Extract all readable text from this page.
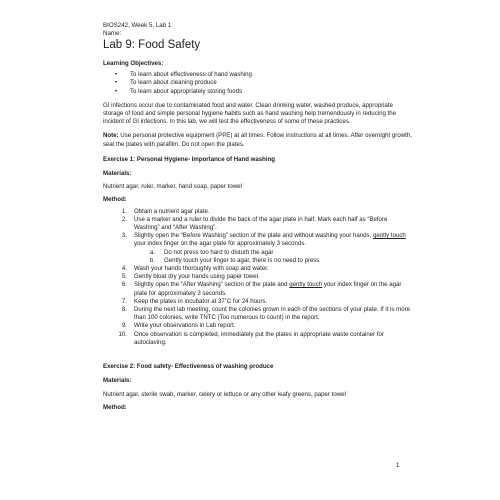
BIOS242, Week 5, Lab 1
Name:
Lab 9: Food Safety

Learning Objectives:

• To learn about effectiveness of hand washing
• To learn about cleaning produce
• To learn about appropriately storing foods

GI infections occur due to contaminated food and water. Clean drinking water, washed produce, appropriate storage of food and simple personal hygiene habits such as hand washing help tremendously in reducing the incident of GI infections. In this lab, we will test the effectiveness of some of these practices.

Note: Use personal protective equipment (PPE) at all times. Follow instructions at all times. After overnight growth, seal the plates with parafilm. Do not open the plates.

Exercise 1: Personal Hygiene- Importance of Hand washing

Materials:

Nutrient agar, ruler, marker, hand soap, paper towel

Method:

1. Obtain a nutrient agar plate.
2. Use a marker and a ruler to divide the back of the agar plate in half. Mark each half as “Before Washing” and “After Washing”.
3. Slightly open the “Before Washing” section of the plate and without washing your hands, gently touch your index finger on the agar plate for approximately 3 seconds.
a. Do not press too hard to disturb the agar
b. Gently touch your finger to agar, there is no need to press
4. Wash your hands thoroughly with soap and water.
5. Gently bloat dry your hands using paper towel.
6. Slightly open the “After Washing” section of the plate and gently touch your index finger on the agar plate for approximately 3 seconds.
7. Keep the plates in incubator at 37˚C for 24 hours.
8. During the next lab meeting, count the colonies grown in each of the sections of your plate. If it is more than 100 colonies, write TNTC (Too numerous to count) in the report.
9. Write your observations in Lab report.
10. Once observation is completed, immediately put the plates in appropriate waste container for autoclaving.

Exercise 2: Food safety- Effectiveness of washing produce

Materials:

Nutrient agar, sterile swab, marker, celery or lettuce or any other leafy greens, paper towel

Method:

1
